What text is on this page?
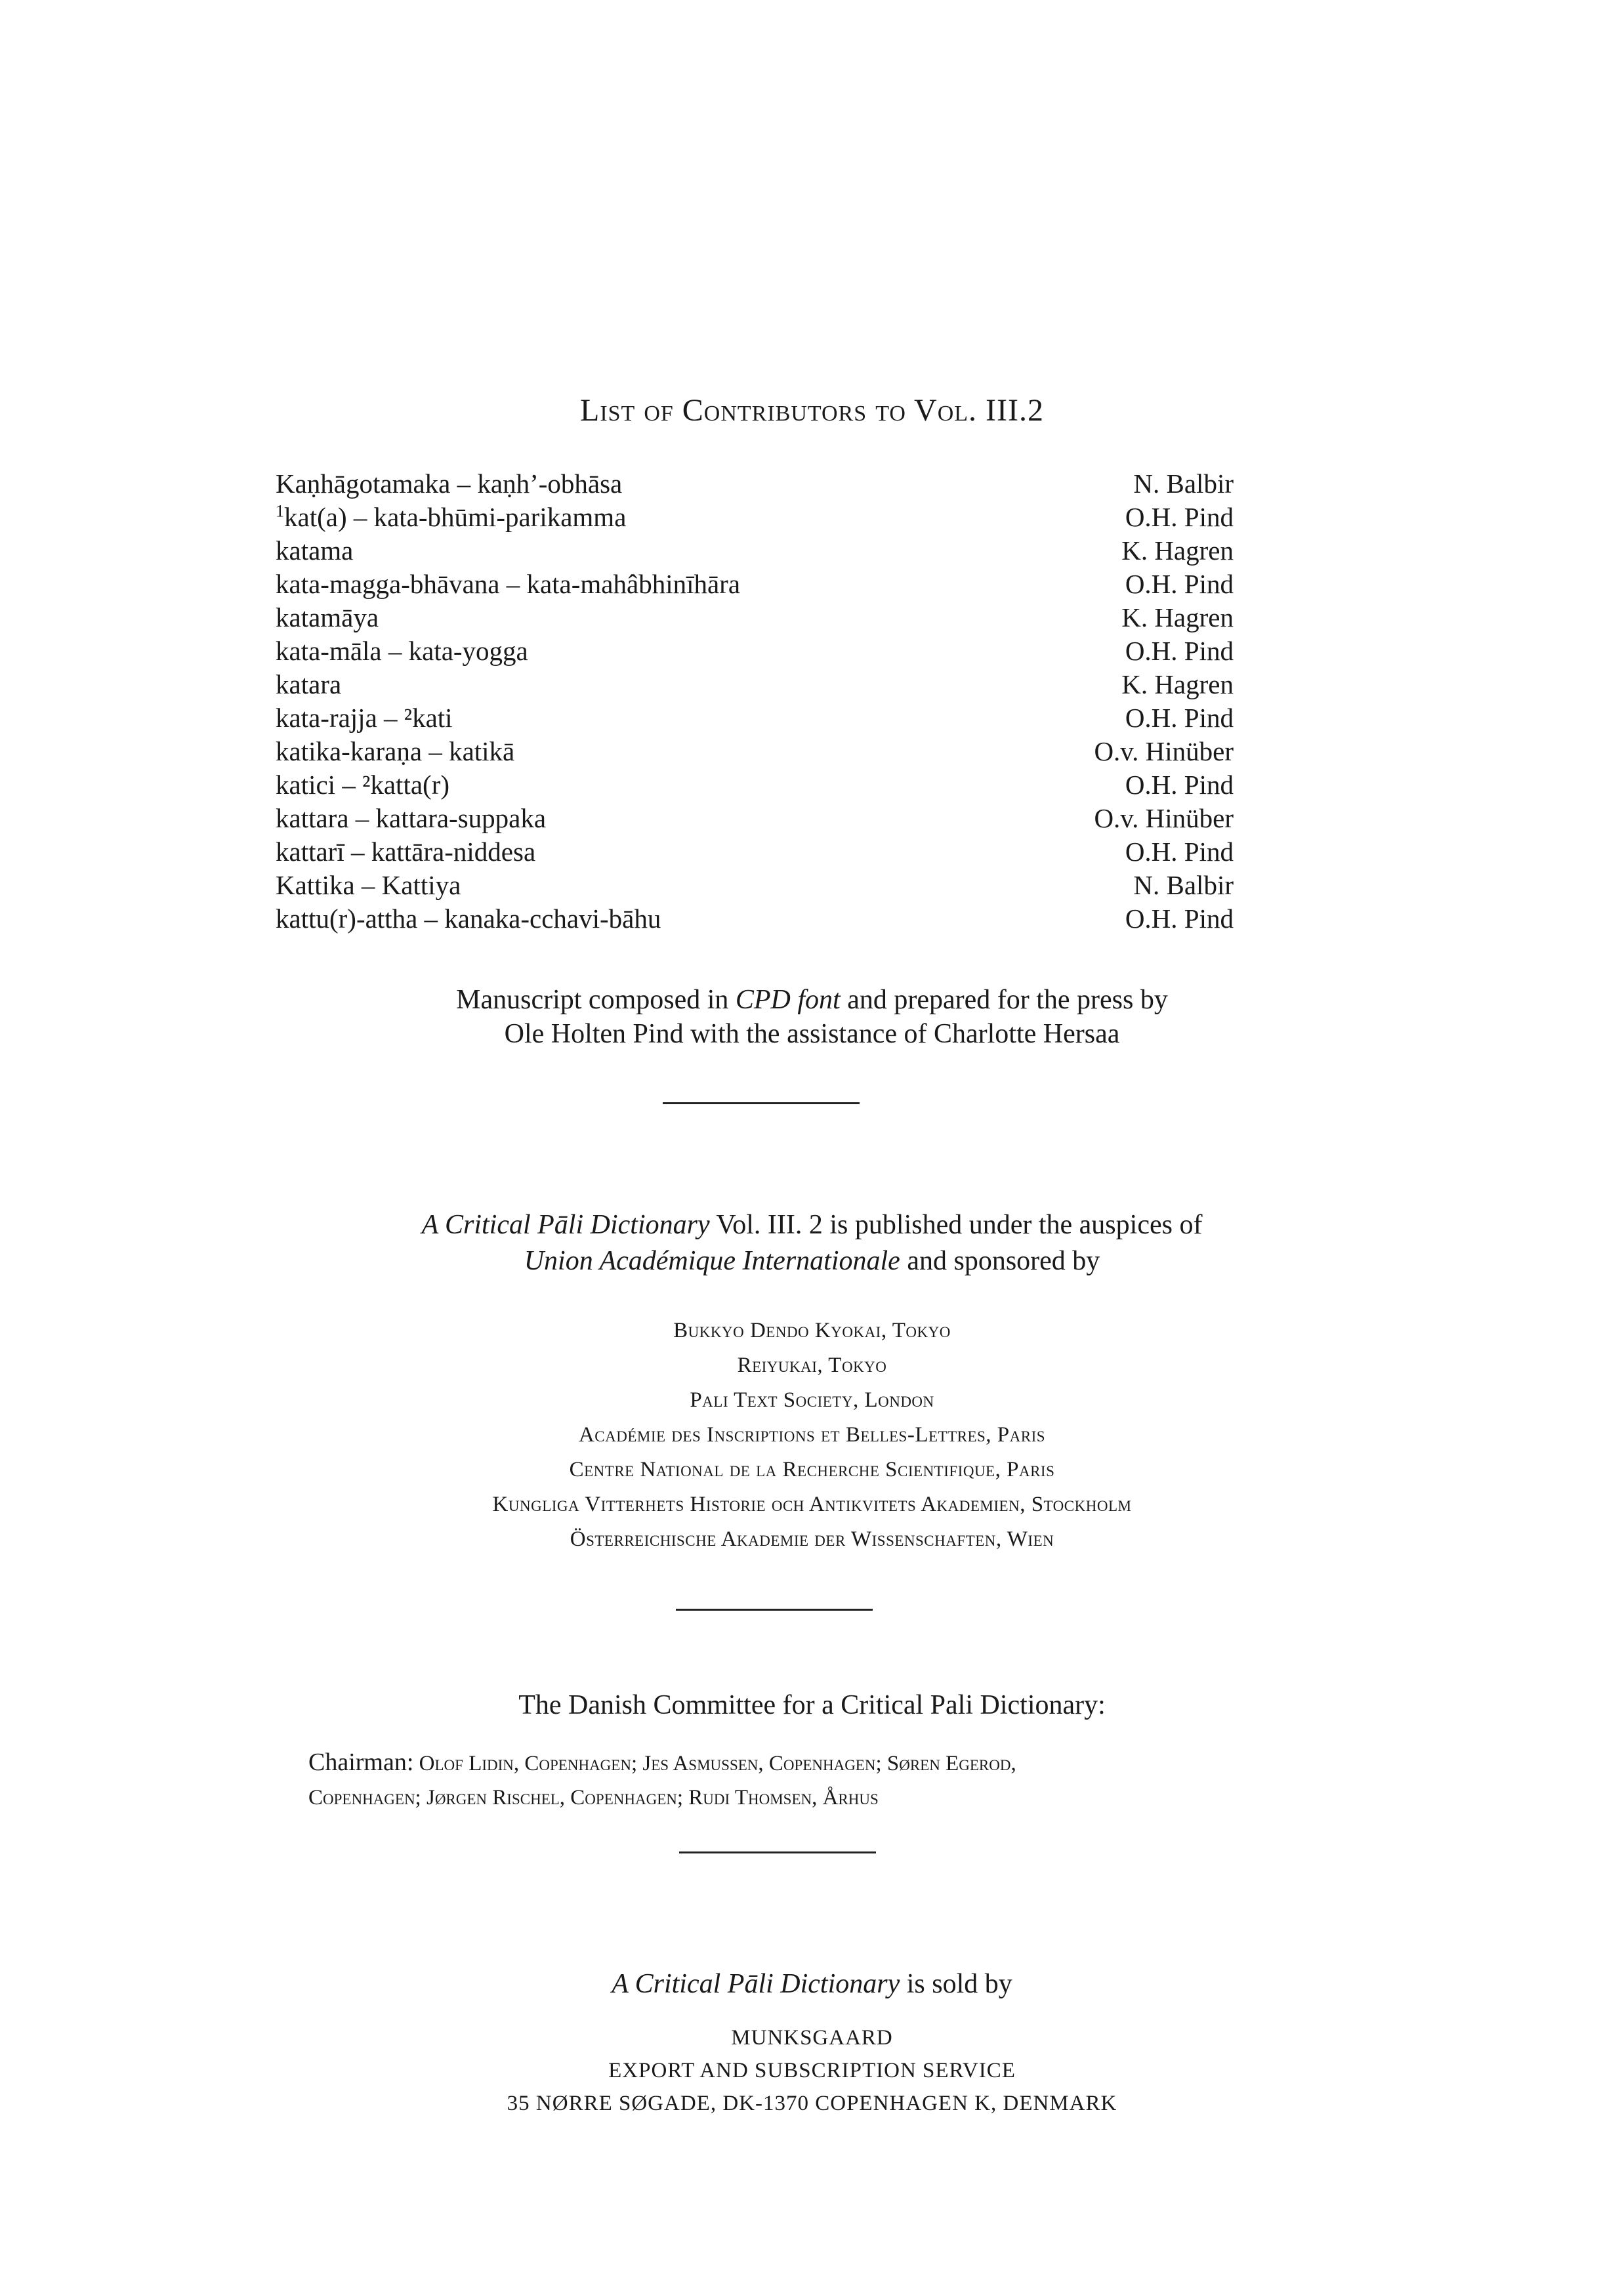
List of Contributors to Vol. III.2
Kaṇhāgotamaka – kaṇh’-obhāsa	N. Balbir
$^1$kat(a) – kata-bhūmi-parikamma	O.H. Pind
katama	K. Hagren
kata-magga-bhāvana – kata-mahâbhinīhāra	O.H. Pind
katamāya	K. Hagren
kata-māla – kata-yogga	O.H. Pind
katara	K. Hagren
kata-rajja – ²kati	O.H. Pind
katika-karaṇa – katikā	O.v. Hinüber
katici – ²katta(r)	O.H. Pind
kattara – kattara-suppaka	O.v. Hinüber
kattarī – kattāra-niddesa	O.H. Pind
Kattika – Kattiya	N. Balbir
kattu(r)-attha – kanaka-cchavi-bāhu	O.H. Pind
Manuscript composed in CPD font and prepared for the press by
Ole Holten Pind with the assistance of Charlotte Hersaa
A Critical Pāli Dictionary Vol. III. 2 is published under the auspices of
Union Académique Internationale and sponsored by
Bukkyo Dendo Kyokai, Tokyo
Reiyukai, Tokyo
Pali Text Society, London
Académie des Inscriptions et Belles-Lettres, Paris
Centre National de la Recherche Scientifique, Paris
Kungliga Vitterhets Historie och Antikvitets Akademien, Stockholm
Österreichische Akademie der Wissenschaften, Wien
The Danish Committee for a Critical Pali Dictionary:
Chairman: Olof Lidin, Copenhagen; Jes Asmussen, Copenhagen; Søren Egerod,
Copenhagen; Jørgen Rischel, Copenhagen; Rudi Thomsen, Århus
A Critical Pāli Dictionary is sold by
MUNKSGAARD
EXPORT AND SUBSCRIPTION SERVICE
35 NØRRE SØGADE, DK-1370 COPENHAGEN K, DENMARK
